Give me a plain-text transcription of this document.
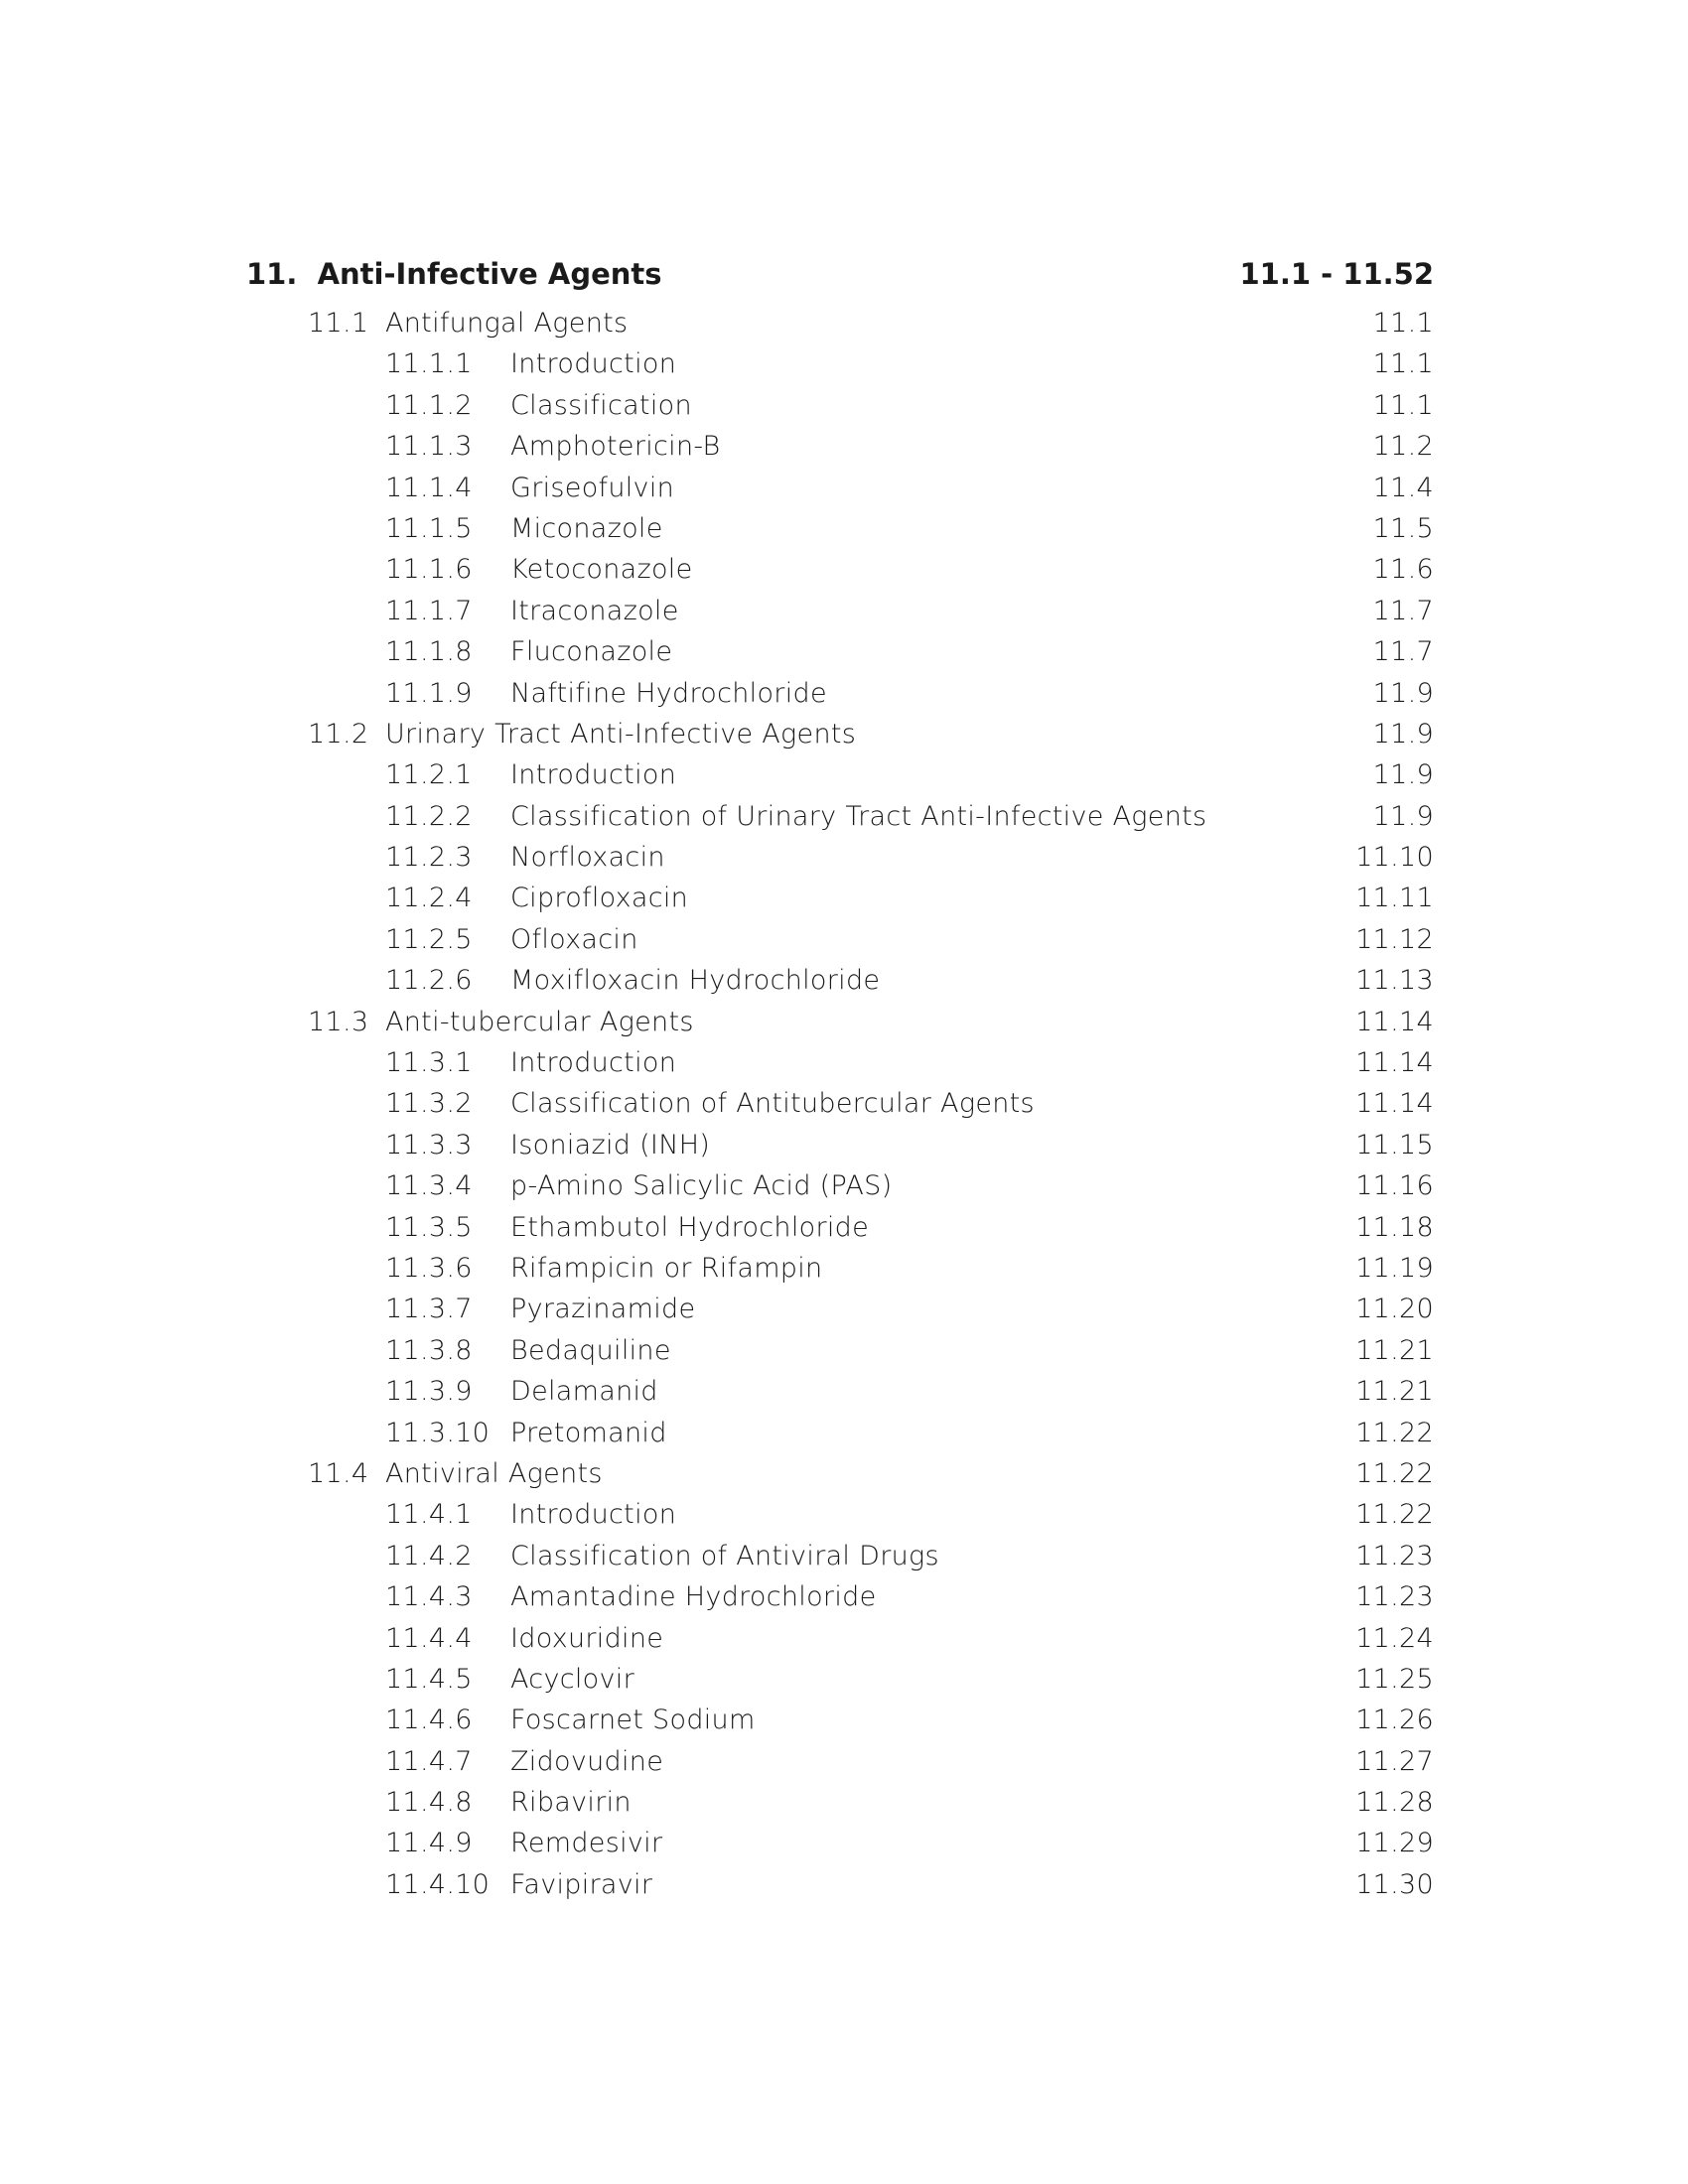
11. Anti-Infective Agents	11.1 - 11.52
11.1 Antifungal Agents	11.1
11.1.1 Introduction	11.1
11.1.2 Classification	11.1
11.1.3 Amphotericin-B	11.2
11.1.4 Griseofulvin	11.4
11.1.5 Miconazole	11.5
11.1.6 Ketoconazole	11.6
11.1.7 Itraconazole	11.7
11.1.8 Fluconazole	11.7
11.1.9 Naftifine Hydrochloride	11.9
11.2 Urinary Tract Anti-Infective Agents	11.9
11.2.1 Introduction	11.9
11.2.2 Classification of Urinary Tract Anti-Infective Agents	11.9
11.2.3 Norfloxacin	11.10
11.2.4 Ciprofloxacin	11.11
11.2.5 Ofloxacin	11.12
11.2.6 Moxifloxacin Hydrochloride	11.13
11.3 Anti-tubercular Agents	11.14
11.3.1 Introduction	11.14
11.3.2 Classification of Antitubercular Agents	11.14
11.3.3 Isoniazid (INH)	11.15
11.3.4 p-Amino Salicylic Acid (PAS)	11.16
11.3.5 Ethambutol Hydrochloride	11.18
11.3.6 Rifampicin or Rifampin	11.19
11.3.7 Pyrazinamide	11.20
11.3.8 Bedaquiline	11.21
11.3.9 Delamanid	11.21
11.3.10 Pretomanid	11.22
11.4 Antiviral Agents	11.22
11.4.1 Introduction	11.22
11.4.2 Classification of Antiviral Drugs	11.23
11.4.3 Amantadine Hydrochloride	11.23
11.4.4 Idoxuridine	11.24
11.4.5 Acyclovir	11.25
11.4.6 Foscarnet Sodium	11.26
11.4.7 Zidovudine	11.27
11.4.8 Ribavirin	11.28
11.4.9 Remdesivir	11.29
11.4.10 Favipiravir	11.30
